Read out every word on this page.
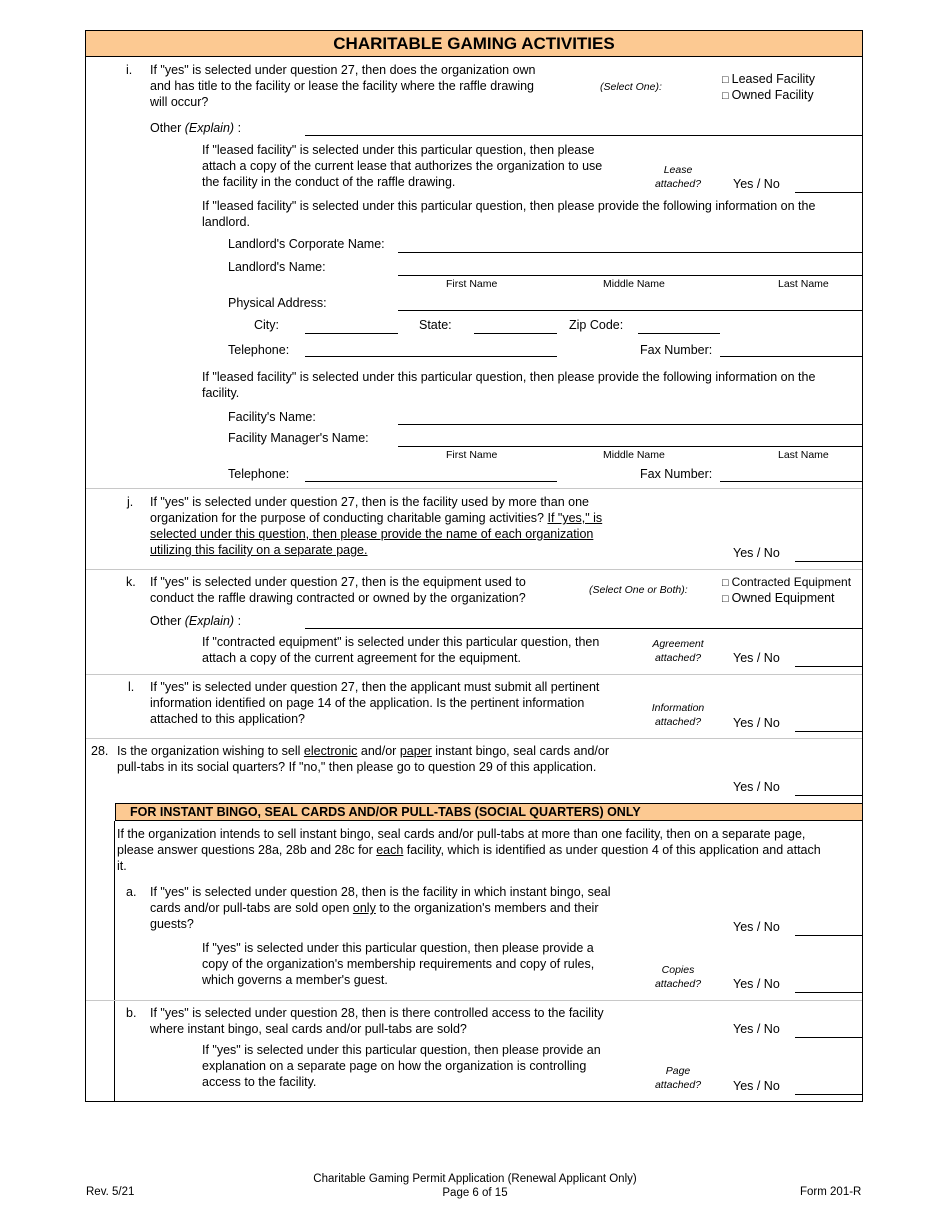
CHARITABLE GAMING ACTIVITIES
i. If "yes" is selected under question 27, then does the organization own
and has title to the facility or lease the facility where the raffle drawing
will occur?
(Select One):
□ Leased Facility
□ Owned Facility
Other (Explain) :
If "leased facility" is selected under this particular question, then please
attach a copy of the current lease that authorizes the organization to use
the facility in the conduct of the raffle drawing.
Lease
attached?	Yes / No
If "leased facility" is selected under this particular question, then please provide the following information on the
landlord.
Landlord's Corporate Name:
Landlord's Name:
First Name	Middle Name	Last Name
Physical Address:
City:	State:	Zip Code:
Telephone:	Fax Number:
If "leased facility" is selected under this particular question, then please provide the following information on the
facility.
Facility's Name:
Facility Manager's Name:
First Name	Middle Name	Last Name
Telephone:	Fax Number:
j. If "yes" is selected under question 27, then is the facility used by more than one
organization for the purpose of conducting charitable gaming activities? If "yes," is
selected under this question, then please provide the name of each organization
utilizing this facility on a separate page.	Yes / No
k. If "yes" is selected under question 27, then is the equipment used to
conduct the raffle drawing contracted or owned by the organization?
(Select One or Both):
□ Contracted Equipment
□ Owned Equipment
Other (Explain) :
If "contracted equipment" is selected under this particular question, then
attach a copy of the current agreement for the equipment.
Agreement
attached?	Yes / No
l. If "yes" is selected under question 27, then the applicant must submit all pertinent
information identified on page 14 of the application. Is the pertinent information
attached to this application?
Information
attached?	Yes / No
28. Is the organization wishing to sell electronic and/or paper instant bingo, seal cards and/or
pull-tabs in its social quarters? If "no," then please go to question 29 of this application.
Yes / No
FOR INSTANT BINGO, SEAL CARDS AND/OR PULL-TABS (SOCIAL QUARTERS) ONLY
If the organization intends to sell instant bingo, seal cards and/or pull-tabs at more than one facility, then on a separate page,
please answer questions 28a, 28b and 28c for each facility, which is identified as under question 4 of this application and attach
it.
a. If "yes" is selected under question 28, then is the facility in which instant bingo, seal
cards and/or pull-tabs are sold open only to the organization's members and their
guests?	Yes / No
If "yes" is selected under this particular question, then please provide a
copy of the organization's membership requirements and copy of rules,
which governs a member's guest.
Copies
attached?	Yes / No
b. If "yes" is selected under question 28, then is there controlled access to the facility
where instant bingo, seal cards and/or pull-tabs are sold?	Yes / No
If "yes" is selected under this particular question, then please provide an
explanation on a separate page on how the organization is controlling
access to the facility.
Page
attached?	Yes / No
Rev. 5/21
Charitable Gaming Permit Application (Renewal Applicant Only)
Page 6 of 15	Form 201-R
